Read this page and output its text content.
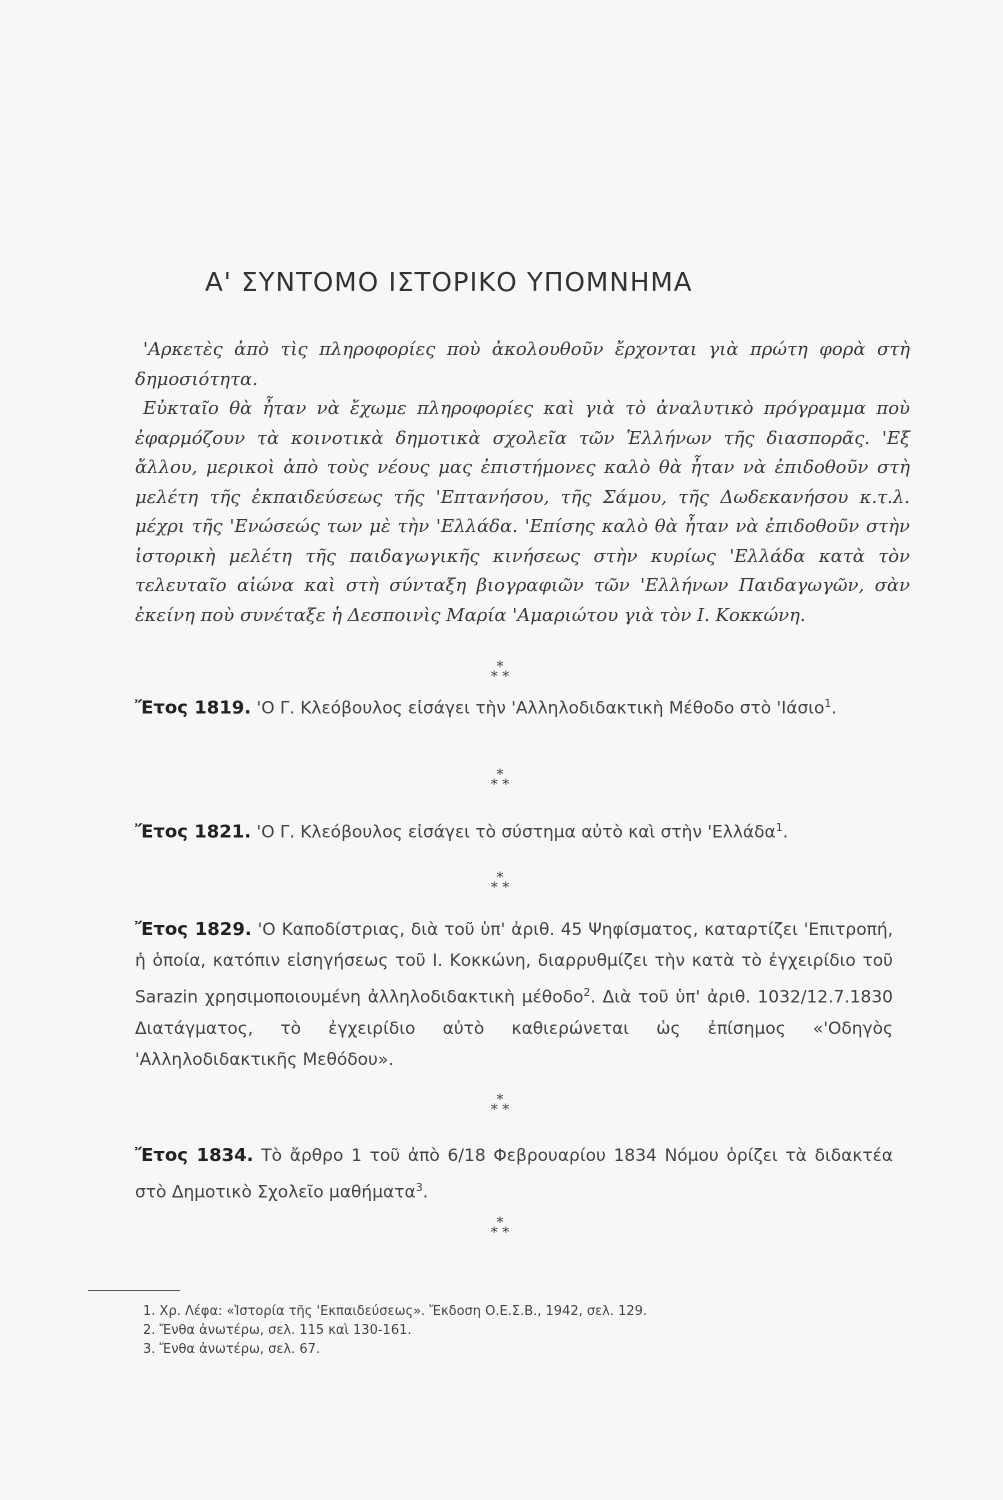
Α' ΣΥΝΤΟΜΟ ΙΣΤΟΡΙΚΟ ΥΠΟΜΝΗΜΑ

'Αρκετὲς ἀπὸ τὶς πληροφορίες ποὺ ἀκολουθοῦν ἔρχονται γιὰ πρώτη φορὰ στὴ δημοσιότητα.

Εὐκταῖο θὰ ἦταν νὰ ἔχωμε πληροφορίες καὶ γιὰ τὸ ἀναλυτικὸ πρόγραμμα ποὺ ἐφαρμόζουν τὰ κοινοτικὰ δημοτικὰ σχολεῖα τῶν Ἑλλήνων τῆς διασπορᾶς. 'Εξ ἄλλου, μερικοὶ ἀπὸ τοὺς νέους μας ἐπιστήμονες καλὸ θὰ ἦταν νὰ ἐπιδοθοῦν στὴ μελέτη τῆς ἐκπαιδεύσεως τῆς 'Επτανήσου, τῆς Σάμου, τῆς Δωδεκανήσου κ.τ.λ. μέχρι τῆς 'Ενώσεώς των μὲ τὴν 'Ελλάδα. 'Επίσης καλὸ θὰ ἦταν νὰ ἐπιδοθοῦν στὴν ἱστορικὴ μελέτη τῆς παιδαγωγικῆς κινήσεως στὴν κυρίως 'Ελλάδα κατὰ τὸν τελευταῖο αἰώνα καὶ στὴ σύνταξη βιογραφιῶν τῶν 'Ελλήνων Παιδαγωγῶν, σὰν ἐκείνη ποὺ συνέταξε ἡ Δεσποινὶς Μαρία 'Αμαριώτου γιὰ τὸν Ι. Κοκκώνη.

*
* *
Ἔτος 1819. 'Ο Γ. Κλεόβουλος εἰσάγει τὴν 'Αλληλοδιδακτικὴ Μέθοδο στὸ 'Ιάσιο$^1$.
*
* *
Ἔτος 1821. 'Ο Γ. Κλεόβουλος εἰσάγει τὸ σύστημα αὐτὸ καὶ στὴν 'Ελλάδα$^1$.
*
* *
Ἔτος 1829. 'Ο Καποδίστριας, διὰ τοῦ ὑπ' ἀριθ. 45 Ψηφίσματος, καταρτίζει 'Επιτροπή, ἡ ὁποία, κατόπιν εἰσηγήσεως τοῦ Ι. Κοκκώνη, διαρρυθμίζει τὴν κατὰ τὸ ἐγχειρίδιο τοῦ Sarazin χρησιμοποιουμένη ἀλληλοδιδακτικὴ μέθοδο$^2$. Διὰ τοῦ ὑπ' ἀριθ. 1032/12.7.1830 Διατάγματος, τὸ ἐγχειρίδιο αὐτὸ καθιερώνεται ὡς ἐπίσημος «'Οδηγὸς 'Αλληλοδιδακτικῆς Μεθόδου».
*
* *
Ἔτος 1834. Τὸ ἄρθρο 1 τοῦ ἀπὸ 6/18 Φεβρουαρίου 1834 Νόμου ὁρίζει τὰ διδακτέα στὸ Δημοτικὸ Σχολεῖο μαθήματα$^3$.
*
* *
1. Χρ. Λέφα: «Ἱστορία τῆς 'Εκπαιδεύσεως». Ἔκδοση Ο.Ε.Σ.Β., 1942, σελ. 129.
2. Ἔνθα ἀνωτέρω, σελ. 115 καὶ 130-161.
3. Ἔνθα ἀνωτέρω, σελ. 67.
